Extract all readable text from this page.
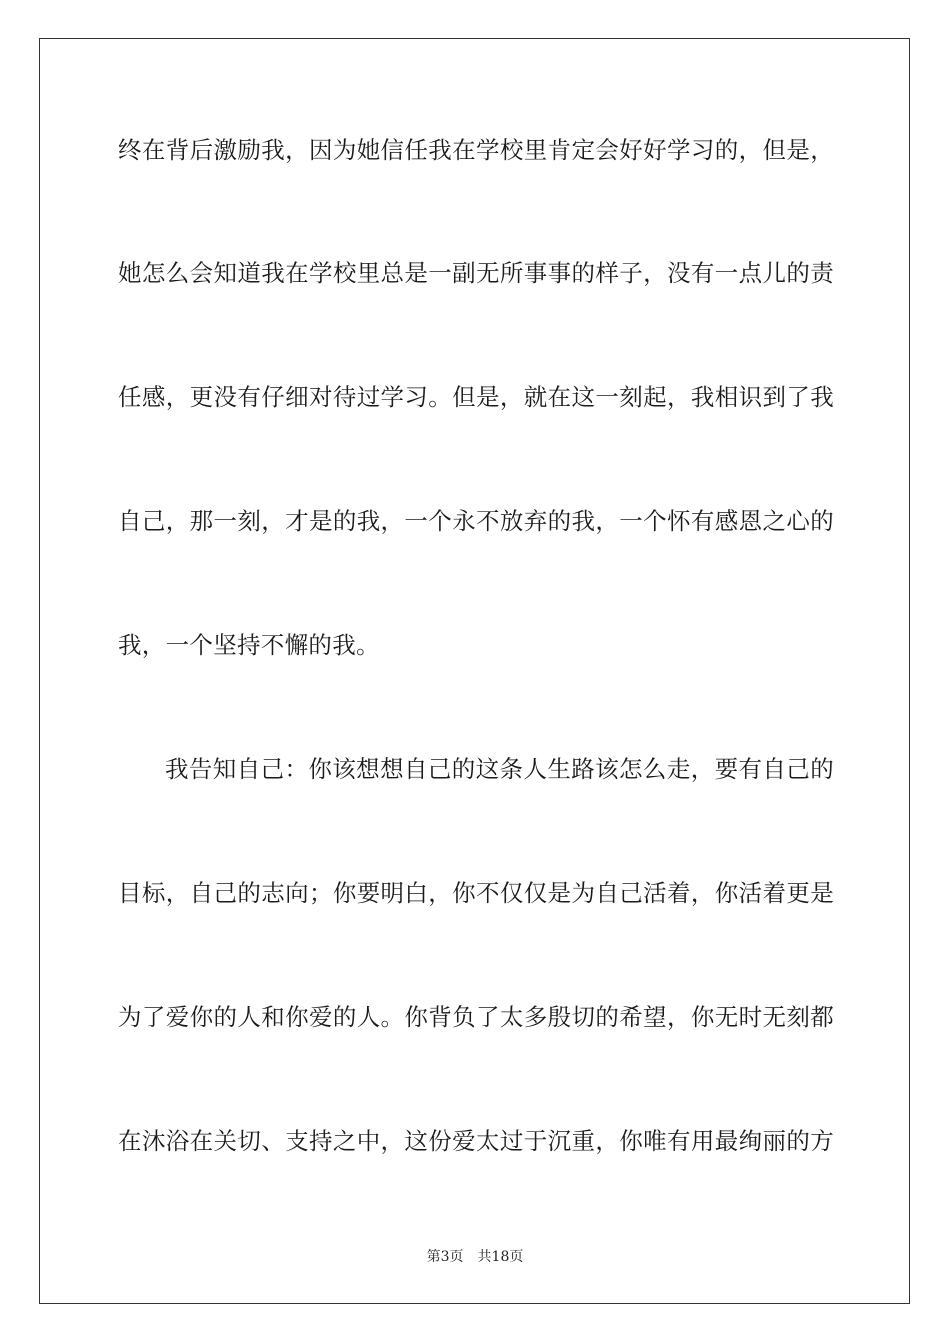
终在背后激励我，因为她信任我在学校里肯定会好好学习的，但是，
她怎么会知道我在学校里总是一副无所事事的样子，没有一点儿的责
任感，更没有仔细对待过学习。但是，就在这一刻起，我相识到了我
自己，那一刻，才是的我，一个永不放弃的我，一个怀有感恩之心的
我，一个坚持不懈的我。
我告知自己：你该想想自己的这条人生路该怎么走，要有自己的
目标，自己的志向；你要明白，你不仅仅是为自己活着，你活着更是
为了爱你的人和你爱的人。你背负了太多殷切的希望，你无时无刻都
在沐浴在关切、支持之中，这份爱太过于沉重，你唯有用最绚丽的方
第3页 共18页
